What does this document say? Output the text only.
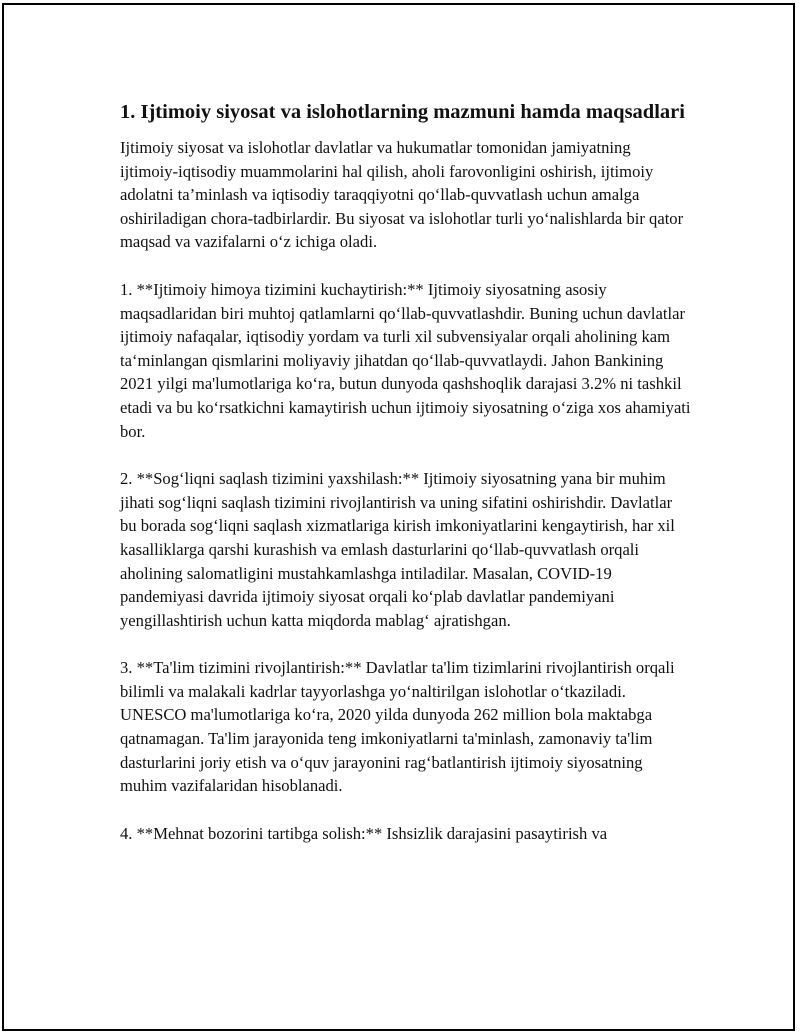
1. Ijtimoiy siyosat va islohotlarning mazmuni hamda maqsadlari

Ijtimoiy siyosat va islohotlar davlatlar va hukumatlar tomonidan jamiyatning ijtimoiy-iqtisodiy muammolarini hal qilish, aholi farovonligini oshirish, ijtimoiy adolatni ta’minlash va iqtisodiy taraqqiyotni qo‘llab-quvvatlash uchun amalga oshiriladigan chora-tadbirlardir. Bu siyosat va islohotlar turli yo‘nalishlarda bir qator maqsad va vazifalarni o‘z ichiga oladi.

1. **Ijtimoiy himoya tizimini kuchaytirish:** Ijtimoiy siyosatning asosiy maqsadlaridan biri muhtoj qatlamlarni qo‘llab-quvvatlashdir. Buning uchun davlatlar ijtimoiy nafaqalar, iqtisodiy yordam va turli xil subvensiyalar orqali aholining kam ta‘minlangan qismlarini moliyaviy jihatdan qo‘llab-quvvatlaydi. Jahon Bankining 2021 yilgi ma'lumotlariga ko‘ra, butun dunyoda qashshoqlik darajasi 3.2% ni tashkil etadi va bu ko‘rsatkichni kamaytirish uchun ijtimoiy siyosatning o‘ziga xos ahamiyati bor.

2. **Sog‘liqni saqlash tizimini yaxshilash:** Ijtimoiy siyosatning yana bir muhim jihati sog‘liqni saqlash tizimini rivojlantirish va uning sifatini oshirishdir. Davlatlar bu borada sog‘liqni saqlash xizmatlariga kirish imkoniyatlarini kengaytirish, har xil kasalliklarga qarshi kurashish va emlash dasturlarini qo‘llab-quvvatlash orqali aholining salomatligini mustahkamlashga intiladilar. Masalan, COVID-19 pandemiyasi davrida ijtimoiy siyosat orqali ko‘plab davlatlar pandemiyani yengillashtirish uchun katta miqdorda mablag‘ ajratishgan.

3. **Ta'lim tizimini rivojlantirish:** Davlatlar ta'lim tizimlarini rivojlantirish orqali bilimli va malakali kadrlar tayyorlashga yo‘naltirilgan islohotlar o‘tkaziladi. UNESCO ma'lumotlariga ko‘ra, 2020 yilda dunyoda 262 million bola maktabga qatnamagan. Ta'lim jarayonida teng imkoniyatlarni ta'minlash, zamonaviy ta'lim dasturlarini joriy etish va o‘quv jarayonini rag‘batlantirish ijtimoiy siyosatning muhim vazifalaridan hisoblanadi.

4. **Mehnat bozorini tartibga solish:** Ishsizlik darajasini pasaytirish va
